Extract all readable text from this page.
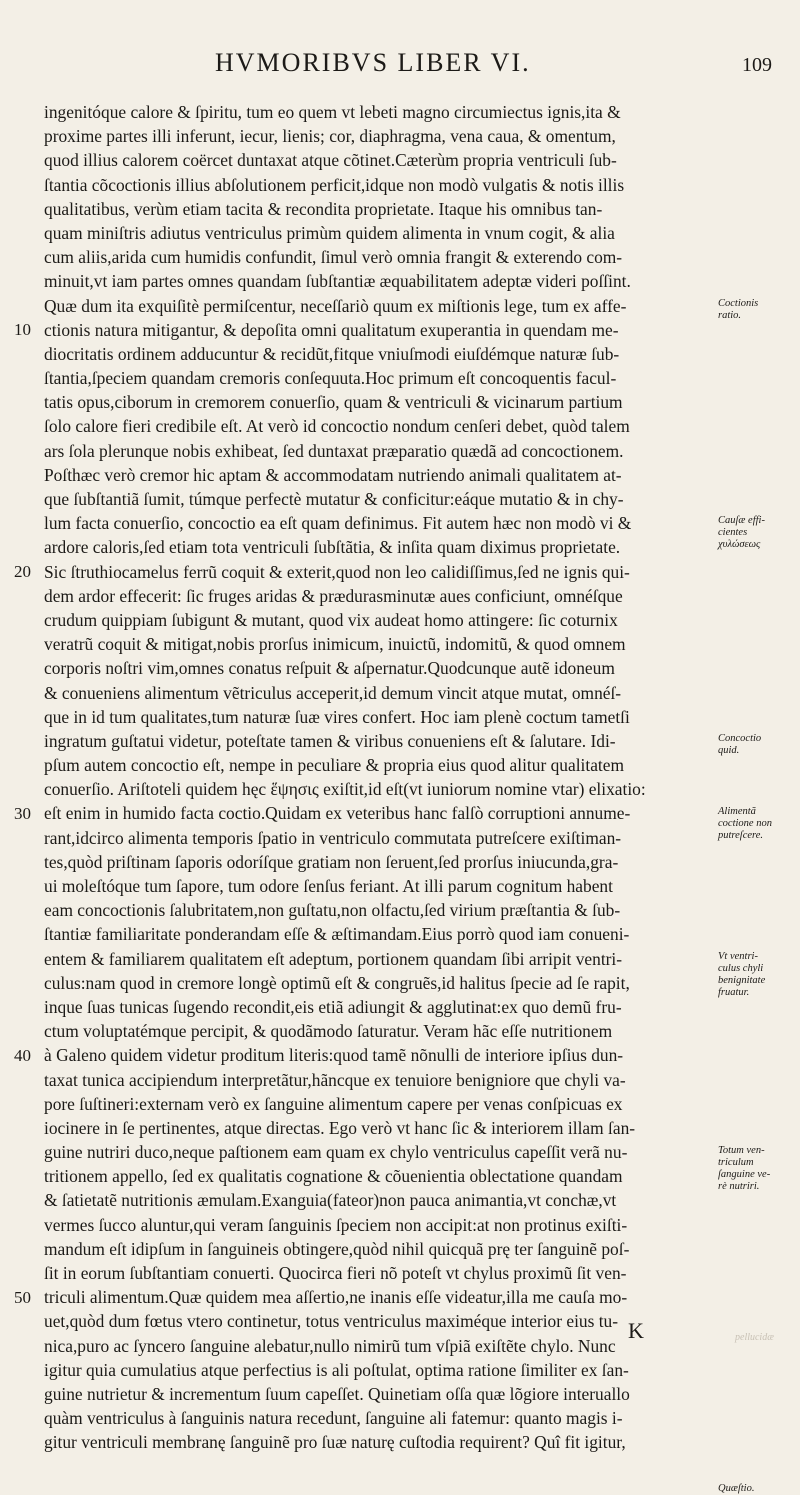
HVMORIBVS LIBER VI.	109
ingenitóque calore & ſpiritu, tum eo quem vt lebeti magno circumiectus ignis,ita &
proxime partes illi inferunt, iecur, lienis; cor, diaphragma, vena caua, & omentum,
quod illius calorem coërcet duntaxat atque cõtinet.Cæterùm propria ventriculi ſub-
ſtantia cõcoctionis illius abſolutionem perficit,idque non modò vulgatis & notis illis
qualitatibus, verùm etiam tacita & recondita proprietate. Itaque his omnibus tan-
quam miniſtris adiutus ventriculus primùm quidem alimenta in vnum cogit, & alia
cum aliis,arida cum humidis confundit, ſimul verò omnia frangit & exterendo com-
minuit,vt iam partes omnes quandam ſubſtantiæ æquabilitatem adeptæ videri poſſint.
Quæ dum ita exquiſitè permiſcentur, neceſſariò quum ex miſtionis lege, tum ex affe-
ctionis natura mitigantur, & depoſita omni qualitatum exuperantia in quendam me-
diocritatis ordinem adducuntur & recidũt,fitque vniuſmodi eiuſdémque naturæ ſub-
ſtantia,ſpeciem quandam cremoris conſequuta.Hoc primum eſt concoquentis facul-
tatis opus,ciborum in cremorem conuerſio, quam & ventriculi & vicinarum partium
ſolo calore fieri credibile eſt. At verò id concoctio nondum cenſeri debet, quòd talem
ars ſola plerunque nobis exhibeat, ſed duntaxat præparatio quædã ad concoctionem.
Poſthæc verò cremor hic aptam & accommodatam nutriendo animali qualitatem at-
que ſubſtantiã ſumit, túmque perfectè mutatur & conficitur:eáque mutatio & in chy-
lum facta conuerſio, concoctio ea eſt quam definimus. Fit autem hæc non modò vi &
ardore caloris,ſed etiam tota ventriculi ſubſtãtia, & inſita quam diximus proprietate.
Sic ſtruthiocamelus ferrũ coquit & exterit,quod non leo calidiſſimus,ſed ne ignis qui-
dem ardor effecerit: ſic fruges aridas & prædurasminutæ aues conficiunt, omnéſque
crudum quippiam ſubigunt & mutant, quod vix audeat homo attingere: ſic coturnix
veratrũ coquit & mitigat,nobis prorſus inimicum, inuictũ, indomitũ, & quod omnem
corporis noſtri vim,omnes conatus reſpuit & aſpernatur.Quodcunque autẽ idoneum
& conueniens alimentum vẽtriculus acceperit,id demum vincit atque mutat, omnéſ-
que in id tum qualitates,tum naturæ ſuæ vires confert. Hoc iam plenè coctum tametſi
ingratum guſtatui videtur, poteſtate tamen & viribus conueniens eſt & ſalutare. Idi-
pſum autem concoctio eſt, nempe in peculiare & propria eius quod alitur qualitatem
conuerſio. Ariſtoteli quidem hęc ἕψησις exiſtit,id eſt(vt iuniorum nomine vtar) elixatio:
eſt enim in humido facta coctio.Quidam ex veteribus hanc falſò corruptioni annume-
rant,idcirco alimenta temporis ſpatio in ventriculo commutata putreſcere exiſtiman-
tes,quòd priſtinam ſaporis odoríſque gratiam non ſeruent,ſed prorſus iniucunda,gra-
ui moleſtóque tum ſapore, tum odore ſenſus feriant. At illi parum cognitum habent
eam concoctionis ſalubritatem,non guſtatu,non olfactu,ſed virium præſtantia & ſub-
ſtantiæ familiaritate ponderandam eſſe & æſtimandam.Eius porrò quod iam conueni-
entem & familiarem qualitatem eſt adeptum, portionem quandam ſibi arripit ventri-
culus:nam quod in cremore longè optimũ eſt & congruẽs,id halitus ſpecie ad ſe rapit,
inque ſuas tunicas ſugendo recondit,eis etiã adiungit & agglutinat:ex quo demũ fru-
ctum voluptatémque percipit, & quodãmodo ſaturatur. Veram hãc eſſe nutritionem
à Galeno quidem videtur proditum literis:quod tamẽ nõnulli de interiore ipſius dun-
taxat tunica accipiendum interpretãtur,hãncque ex tenuiore benigniore que chyli va-
pore ſuſtineri:externam verò ex ſanguine alimentum capere per venas conſpicuas ex
iocinere in ſe pertinentes, atque directas. Ego verò vt hanc ſic & interiorem illam ſan-
guine nutriri duco,neque paſtionem eam quam ex chylo ventriculus capeſſit verã nu-
tritionem appello, ſed ex qualitatis cognatione & cõuenientia oblectatione quandam
& ſatietatẽ nutritionis æmulam.Exanguia(fateor)non pauca animantia,vt conchæ,vt
vermes ſucco aluntur,qui veram ſanguinis ſpeciem non accipit:at non protinus exiſti-
mandum eſt idipſum in ſanguineis obtingere,quòd nihil quicquã prę ter ſanguinẽ poſ-
ſit in eorum ſubſtantiam conuerti. Quocirca fieri nõ poteſt vt chylus proximũ ſit ven-
triculi alimentum.Quæ quidem mea aſſertio,ne inanis eſſe videatur,illa me cauſa mo-
uet,quòd dum fœtus vtero continetur, totus ventriculus maximéque interior eius tu-
nica,puro ac ſyncero ſanguine alebatur,nullo nimirũ tum vſpiã exiſtẽte chylo. Nunc
igitur quia cumulatius atque perfectius is ali poſtulat, optima ratione ſimiliter ex ſan-
guine nutrietur & incrementum ſuum capeſſet. Quinetiam oſſa quæ lõgiore interuallo
quàm ventriculus à ſanguinis natura recedunt, ſanguine ali fatemur: quanto magis i-
gitur ventriculi membranę ſanguinẽ pro ſuæ naturę cuſtodia requirent? Quî fit igitur,
10
20
30
40
50
Coctionis
ratio.
Cauſæ effi-
cientes
χυλώσεως
Concoctio
quid.
Alimentã
coctione non
putreſcere.
Vt ventri-
culus chyli
benignitate
fruatur.
Totum ven-
triculum
ſanguine ve-
rè nutriri.
Quæſtio.
K	pellucidæ
